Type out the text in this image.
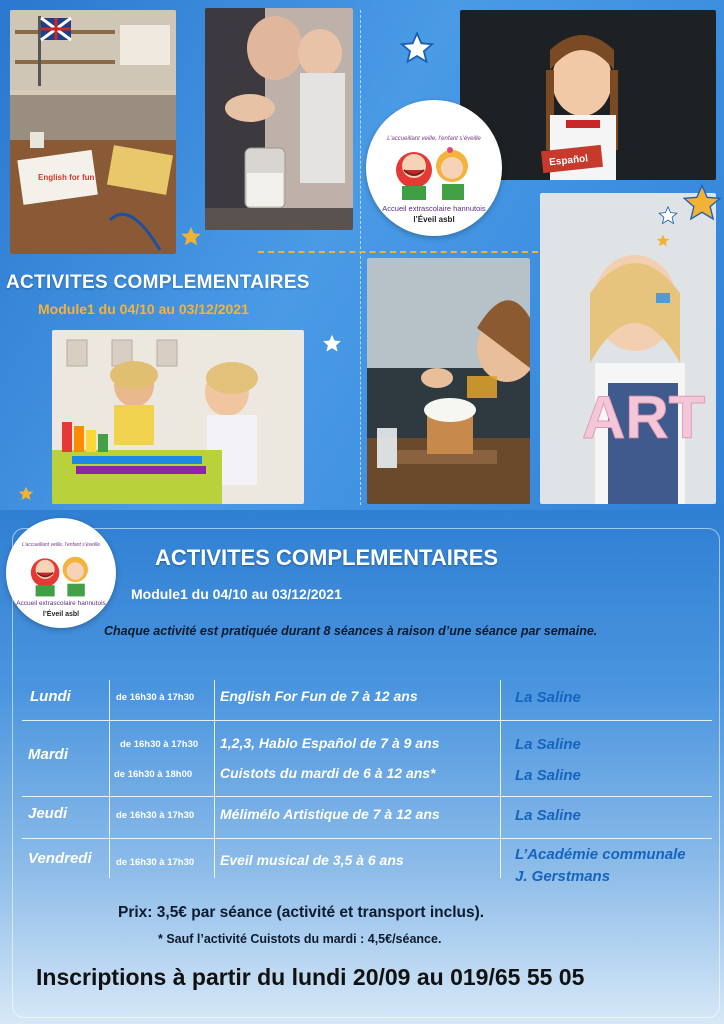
English for fun
Español
ART
L’accueillant veille, l’enfant s’éveille
Accueil extrascolaire hannutois
l’Éveil asbl
ACTIVITES COMPLEMENTAIRES
Module1 du 04/10 au 03/12/2021
L’accueillant veille, l’enfant s’éveille
Accueil extrascolaire hannutois
l’Éveil asbl
ACTIVITES COMPLEMENTAIRES
Module1 du 04/10 au 03/12/2021
Chaque activité est pratiquée durant 8 séances à raison d’une séance par semaine.
Lundi	de 16h30 à 17h30 English For Fun de 7 à 12 ans	La Saline
Mardi
de 16h30 à 17h30 1,2,3, Hablo Español de 7 à 9 ans	La Saline
de 16h30 à 18h00 Cuistots du mardi de 6 à 12 ans*	La Saline
Jeudi	de 16h30 à 17h30 Mélimélo Artistique de 7 à 12 ans	La Saline
Vendredi	de 16h30 à 17h30 Eveil musical de 3,5 à 6 ans	L’Académie communale
J. Gerstmans
Prix: 3,5€ par séance (activité et transport inclus).
* Sauf l’activité Cuistots du mardi : 4,5€/séance.
Inscriptions à partir du lundi 20/09 au 019/65 55 05
